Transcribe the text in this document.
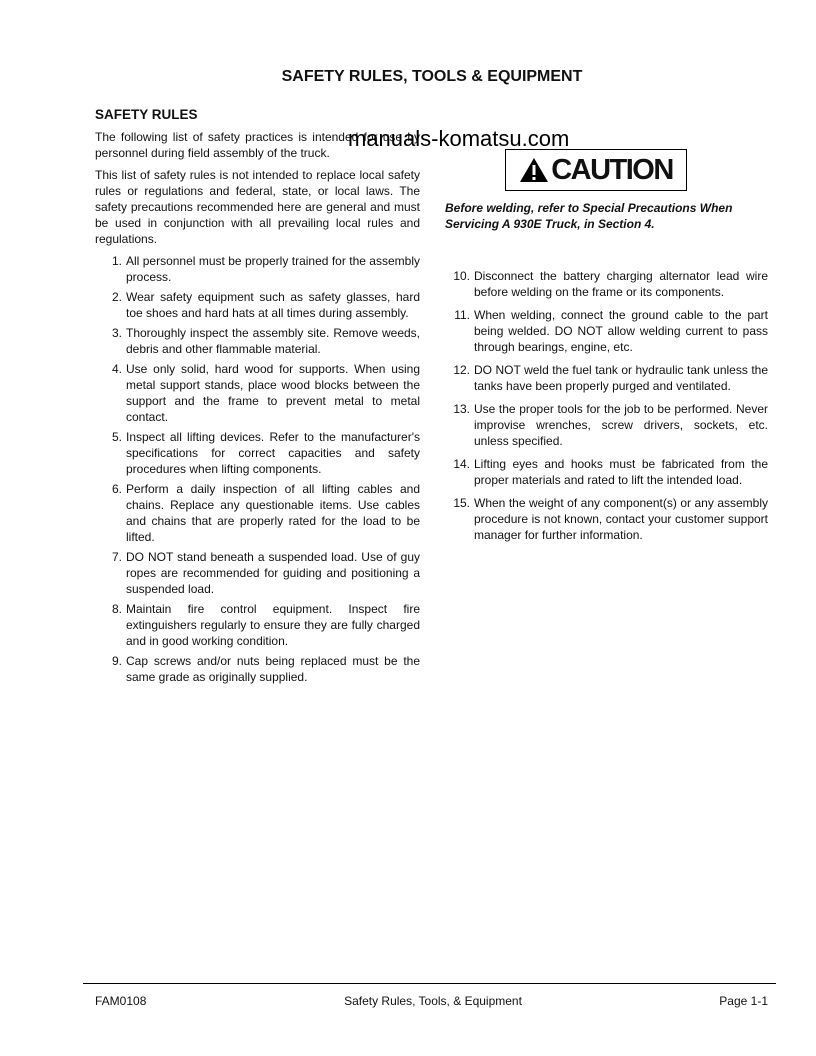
SAFETY RULES, TOOLS & EQUIPMENT
SAFETY RULES

The following list of safety practices is intended for use by personnel during field assembly of the truck.

This list of safety rules is not intended to replace local safety rules or regulations and federal, state, or local laws. The safety precautions recommended here are general and must be used in conjunction with all prevailing local rules and regulations.

1. All personnel must be properly trained for the assembly process.
2. Wear safety equipment such as safety glasses, hard toe shoes and hard hats at all times during assembly.
3. Thoroughly inspect the assembly site. Remove weeds, debris and other flammable material.
4. Use only solid, hard wood for supports. When using metal support stands, place wood blocks between the support and the frame to prevent metal to metal contact.
5. Inspect all lifting devices. Refer to the manufacturer's specifications for correct capacities and safety procedures when lifting components.
6. Perform a daily inspection of all lifting cables and chains. Replace any questionable items. Use cables and chains that are properly rated for the load to be lifted.
7. DO NOT stand beneath a suspended load. Use of guy ropes are recommended for guiding and positioning a suspended load.
8. Maintain fire control equipment. Inspect fire extinguishers regularly to ensure they are fully charged and in good working condition.
9. Cap screws and/or nuts being replaced must be the same grade as originally supplied.
manuals-komatsu.com
CAUTION
Before welding, refer to Special Precautions When Servicing A 930E Truck, in Section 4.
10. Disconnect the battery charging alternator lead wire before welding on the frame or its components.
11. When welding, connect the ground cable to the part being welded. DO NOT allow welding current to pass through bearings, engine, etc.
12. DO NOT weld the fuel tank or hydraulic tank unless the tanks have been properly purged and ventilated.
13. Use the proper tools for the job to be performed. Never improvise wrenches, screw drivers, sockets, etc. unless specified.
14. Lifting eyes and hooks must be fabricated from the proper materials and rated to lift the intended load.
15. When the weight of any component(s) or any assembly procedure is not known, contact your customer support manager for further information.
FAM0108	Safety Rules, Tools, & Equipment	Page 1-1
